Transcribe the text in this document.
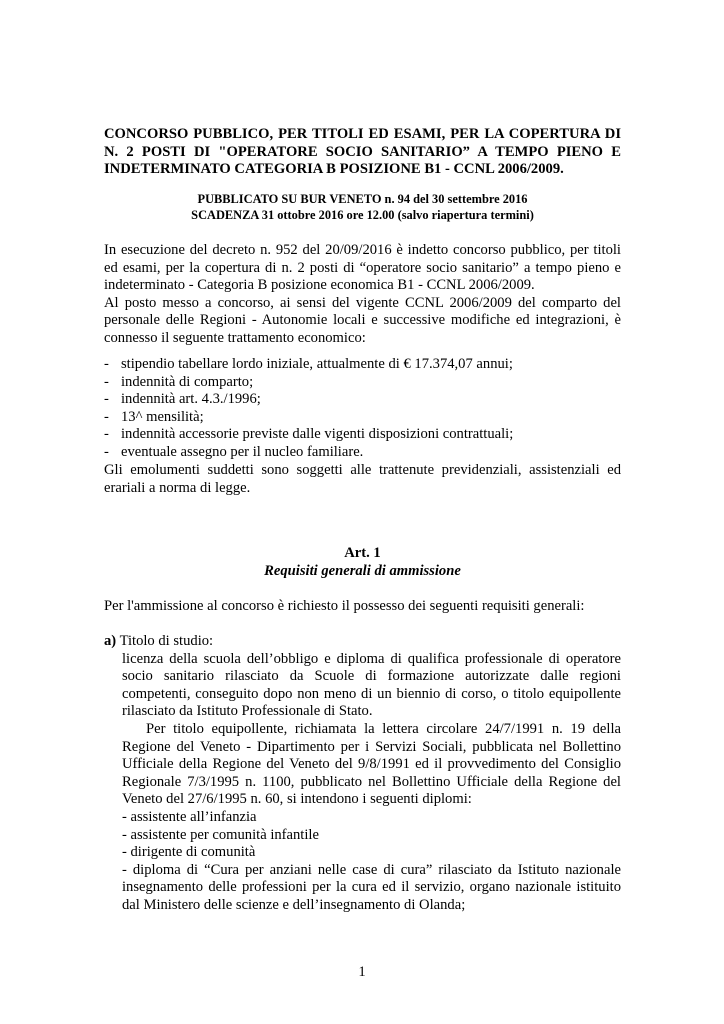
CONCORSO PUBBLICO, PER TITOLI ED ESAMI, PER LA COPERTURA DI
N. 2 POSTI DI "OPERATORE SOCIO SANITARIO” A TEMPO PIENO E
INDETERMINATO CATEGORIA B POSIZIONE B1 - CCNL 2006/2009.
PUBBLICATO SU BUR VENETO n. 94 del 30 settembre 2016
SCADENZA 31 ottobre 2016 ore 12.00 (salvo riapertura termini)
In esecuzione del decreto n. 952 del 20/09/2016 è indetto concorso pubblico, per titoli
ed esami, per la copertura di n. 2 posti di “operatore socio sanitario” a tempo pieno e
indeterminato - Categoria B posizione economica B1 - CCNL 2006/2009.
Al posto messo a concorso, ai sensi del vigente CCNL 2006/2009 del comparto del
personale delle Regioni - Autonomie locali e successive modifiche ed integrazioni, è
connesso il seguente trattamento economico:
- stipendio tabellare lordo iniziale, attualmente di € 17.374,07 annui;
- indennità di comparto;
- indennità art. 4.3./1996;
- 13^ mensilità;
- indennità accessorie previste dalle vigenti disposizioni contrattuali;
- eventuale assegno per il nucleo familiare.
Gli emolumenti suddetti sono soggetti alle trattenute previdenziali, assistenziali ed
erariali a norma di legge.
Art. 1
Requisiti generali di ammissione
Per l'ammissione al concorso è richiesto il possesso dei seguenti requisiti generali:
a) Titolo di studio:
licenza della scuola dell’obbligo e diploma di qualifica professionale di operatore
socio sanitario rilasciato da Scuole di formazione autorizzate dalle regioni
competenti, conseguito dopo non meno di un biennio di corso, o titolo equipollente
rilasciato da Istituto Professionale di Stato.
Per titolo equipollente, richiamata la lettera circolare 24/7/1991 n. 19 della
Regione del Veneto - Dipartimento per i Servizi Sociali, pubblicata nel Bollettino
Ufficiale della Regione del Veneto del 9/8/1991 ed il provvedimento del Consiglio
Regionale 7/3/1995 n. 1100, pubblicato nel Bollettino Ufficiale della Regione del
Veneto del 27/6/1995 n. 60, si intendono i seguenti diplomi:
- assistente all’infanzia
- assistente per comunità infantile
- dirigente di comunità
- diploma di “Cura per anziani nelle case di cura” rilasciato da Istituto nazionale
insegnamento delle professioni per la cura ed il servizio, organo nazionale istituito
dal Ministero delle scienze e dell’insegnamento di Olanda;
1
